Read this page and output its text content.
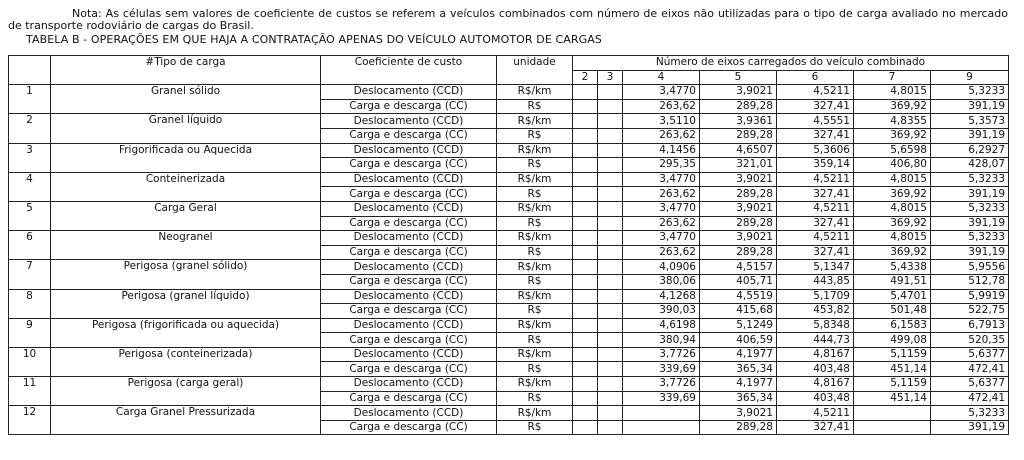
Nota: As células sem valores de coeficiente de custos se referem a veículos combinados com número de eixos não utilizadas para o tipo de carga avaliado no mercado de transporte rodoviário de cargas do Brasil.

TABELA B - OPERAÇÕES EM QUE HAJA A CONTRATAÇÃO APENAS DO VEÍCULO AUTOMOTOR DE CARGAS
	#Tipo de carga	Coeficiente de custo	unidade	Número de eixos carregados do veículo combinado						
				2	3	4	5	6	7	9
1	Granel sólido	Deslocamento (CCD)	R$/km			3,4770	3,9021	4,5211	4,8015	5,3233
		Carga e descarga (CC)	R$			263,62	289,28	327,41	369,92	391,19
2	Granel líquido	Deslocamento (CCD)	R$/km			3,5110	3,9361	4,5551	4,8355	5,3573
		Carga e descarga (CC)	R$			263,62	289,28	327,41	369,92	391,19
3	Frigorificada ou Aquecida	Deslocamento (CCD)	R$/km			4,1456	4,6507	5,3606	5,6598	6,2927
		Carga e descarga (CC)	R$			295,35	321,01	359,14	406,80	428,07
4	Conteinerizada	Deslocamento (CCD)	R$/km			3,4770	3,9021	4,5211	4,8015	5,3233
		Carga e descarga (CC)	R$			263,62	289,28	327,41	369,92	391,19
5	Carga Geral	Deslocamento (CCD)	R$/km			3,4770	3,9021	4,5211	4,8015	5,3233
		Carga e descarga (CC)	R$			263,62	289,28	327,41	369,92	391,19
6	Neogranel	Deslocamento (CCD)	R$/km			3,4770	3,9021	4,5211	4,8015	5,3233
		Carga e descarga (CC)	R$			263,62	289,28	327,41	369,92	391,19
7	Perigosa (granel sólido)	Deslocamento (CCD)	R$/km			4,0906	4,5157	5,1347	5,4338	5,9556
		Carga e descarga (CC)	R$			380,06	405,71	443,85	491,51	512,78
8	Perigosa (granel líquido)	Deslocamento (CCD)	R$/km			4,1268	4,5519	5,1709	5,4701	5,9919
		Carga e descarga (CC)	R$			390,03	415,68	453,82	501,48	522,75
9	Perigosa (frigorificada ou aquecida)	Deslocamento (CCD)	R$/km			4,6198	5,1249	5,8348	6,1583	6,7913
		Carga e descarga (CC)	R$			380,94	406,59	444,73	499,08	520,35
10	Perigosa (conteinerizada)	Deslocamento (CCD)	R$/km			3,7726	4,1977	4,8167	5,1159	5,6377
		Carga e descarga (CC)	R$			339,69	365,34	403,48	451,14	472,41
11	Perigosa (carga geral)	Deslocamento (CCD)	R$/km			3,7726	4,1977	4,8167	5,1159	5,6377
		Carga e descarga (CC)	R$			339,69	365,34	403,48	451,14	472,41
12	Carga Granel Pressurizada	Deslocamento (CCD)	R$/km				3,9021	4,5211		5,3233
		Carga e descarga (CC)	R$				289,28	327,41		391,19
